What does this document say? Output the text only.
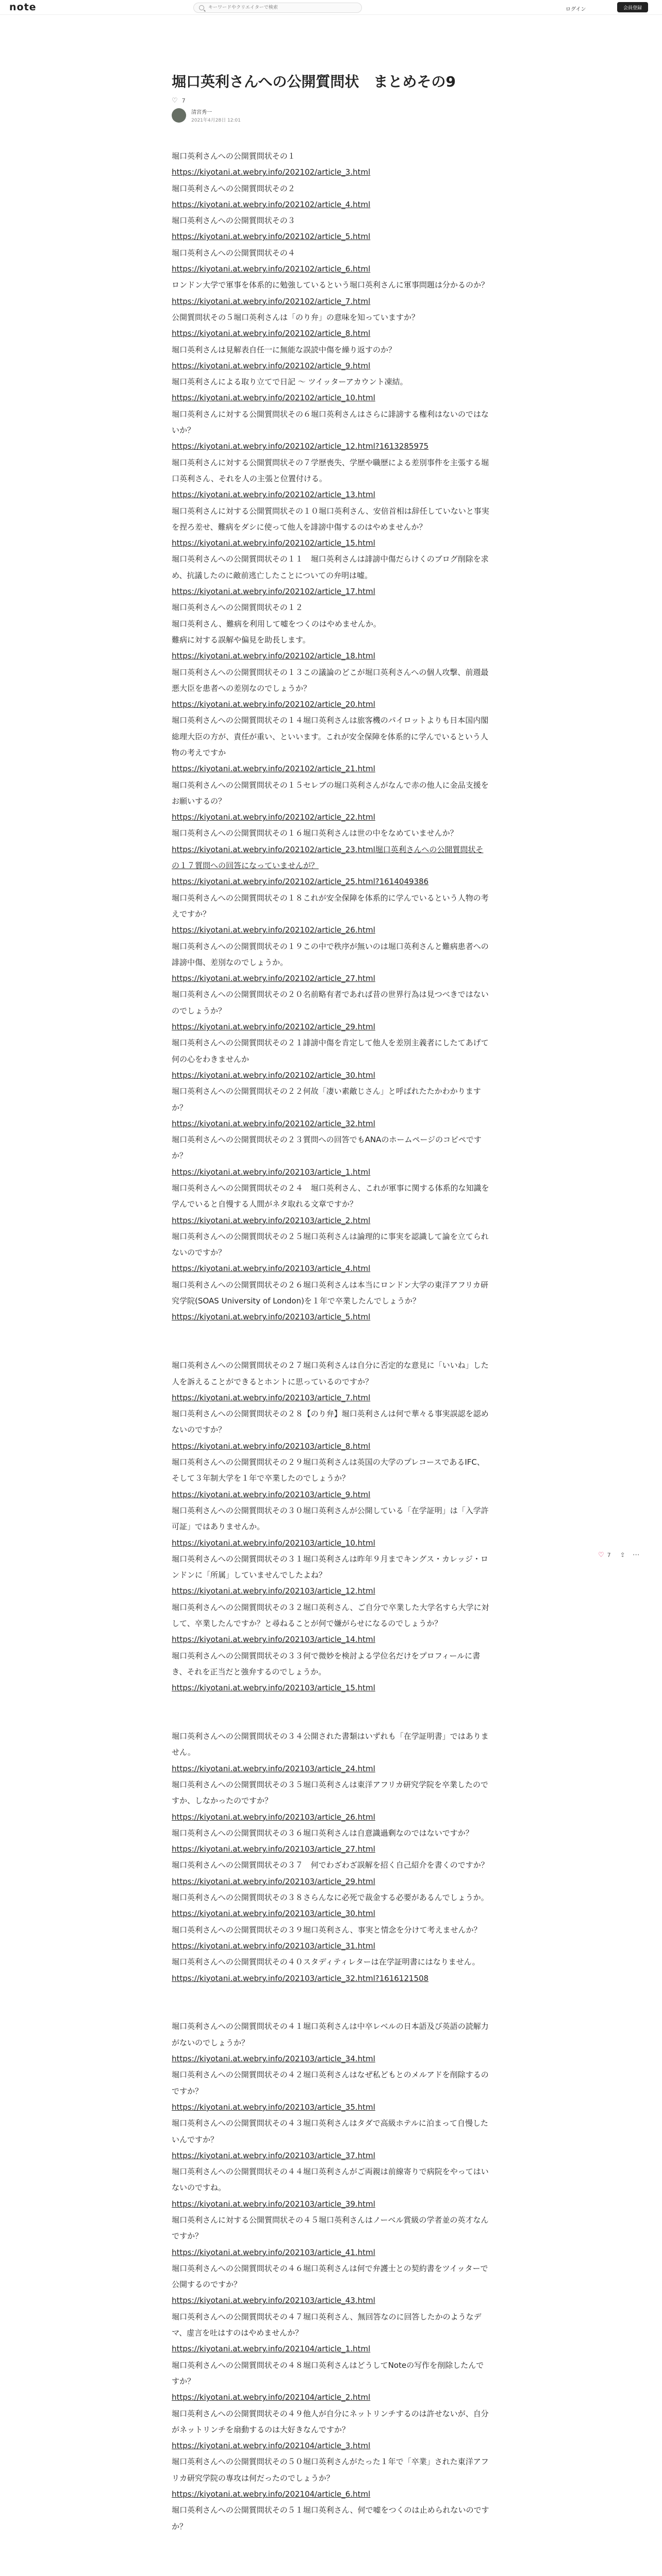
note
キーワードやクリエイターで検索	ログイン	会員登録
堀口英利さんへの公開質問状　まとめその9
♡ 7
清宮秀一
2021年4月28日 12:01
堀口英利さんへの公開質問状その１
https://kiyotani.at.webry.info/202102/article_3.html
堀口英利さんへの公開質問状その２
https://kiyotani.at.webry.info/202102/article_4.html
堀口英利さんへの公開質問状その３
https://kiyotani.at.webry.info/202102/article_5.html
堀口英利さんへの公開質問状その４
https://kiyotani.at.webry.info/202102/article_6.html
ロンドン大学で軍事を体系的に勉強しているという堀口英利さんに軍事問題は分かるのか？
https://kiyotani.at.webry.info/202102/article_7.html
公開質問状その５堀口英利さんは「のり弁」の意味を知っていますか？
https://kiyotani.at.webry.info/202102/article_8.html
堀口英利さんは見解表自任一に無能な誤読中傷を繰り返すのか？
https://kiyotani.at.webry.info/202102/article_9.html
堀口英利さんによる取り立てで日記 ～ ツイッターアカウント凍結。
https://kiyotani.at.webry.info/202102/article_10.html
堀口英利さんに対する公開質問状その６堀口英利さんはさらに誹謗する権利はないのではないか？
https://kiyotani.at.webry.info/202102/article_12.html?1613285975
堀口英利さんに対する公開質問状その７学歴喪失、学歴や職歴による差別事件を主張する堀口英利さん、それを人の主張と位置付ける。
https://kiyotani.at.webry.info/202102/article_13.html
堀口英利さんに対する公開質問状その１０堀口英利さん、安倍首相は辞任していないと事実を捏ろ差せ、難病をダシに使って他人を誹謗中傷するのはやめませんか？
https://kiyotani.at.webry.info/202102/article_15.html
堀口英利さんへの公開質問状その１１　堀口英利さんは誹謗中傷だらけくのブログ削除を求め、抗議したのに敵前逃亡したことについての弁明は嘘。
https://kiyotani.at.webry.info/202102/article_17.html
堀口英利さんへの公開質問状その１２
堀口英利さん、難病を利用して嘘をつくのはやめませんか。
難病に対する誤解や偏見を助長します。
https://kiyotani.at.webry.info/202102/article_18.html
堀口英利さんへの公開質問状その１３この議論のどこが堀口英利さんへの個人攻撃、前週最悪大臣を患者への差別なのでしょうか？
https://kiyotani.at.webry.info/202102/article_20.html
堀口英利さんへの公開質問状その１４堀口英利さんは旅客機のパイロットよりも日本国内閣総理大臣の方が、責任が重い、といいます。これが安全保障を体系的に学んでいるという人物の考えですか
https://kiyotani.at.webry.info/202102/article_21.html
堀口英利さんへの公開質問状その１５セレブの堀口英利さんがなんで赤の他人に金品支援をお願いするの？
https://kiyotani.at.webry.info/202102/article_22.html
堀口英利さんへの公開質問状その１６堀口英利さんは世の中をなめていませんか？
https://kiyotani.at.webry.info/202102/article_23.html堀口英利さんへの公開質問状その１７質問への回答になっていませんが？
https://kiyotani.at.webry.info/202102/article_25.html?1614049386
堀口英利さんへの公開質問状その１８これが安全保障を体系的に学んでいるという人物の考えですか？
https://kiyotani.at.webry.info/202102/article_26.html
堀口英利さんへの公開質問状その１９この中で秩序が無いのは堀口英利さんと難病患者への誹謗中傷、差別なのでしょうか。
https://kiyotani.at.webry.info/202102/article_27.html
堀口英利さんへの公開質問状その２０名前略有者であれば昔の世界行為は見つべきではないのでしょうか？
https://kiyotani.at.webry.info/202102/article_29.html
堀口英利さんへの公開質問状その２１誹謗中傷を肯定して他人を差別主義者にしたてあげて何の心をわきませんか
https://kiyotani.at.webry.info/202102/article_30.html
堀口英利さんへの公開質問状その２２何故「凄い素敵じさん」と呼ばれたたかわかりますか？
https://kiyotani.at.webry.info/202102/article_32.html
堀口英利さんへの公開質問状その２３質問への回答でもANAのホームページのコピペですか？
https://kiyotani.at.webry.info/202103/article_1.html
堀口英利さんへの公開質問状その２４　堀口英利さん、これが軍事に関する体系的な知識を学んでいると自慢する人間がネタ取れる文章ですか？
https://kiyotani.at.webry.info/202103/article_2.html
堀口英利さんへの公開質問状その２５堀口英利さんは論理的に事実を認識して論を立てられないのですか？
https://kiyotani.at.webry.info/202103/article_4.html
堀口英利さんへの公開質問状その２６堀口英利さんは本当にロンドン大学の東洋アフリカ研究学院(SOAS University of London)を１年で卒業したんでしょうか？
https://kiyotani.at.webry.info/202103/article_5.html
堀口英利さんへの公開質問状その２７堀口英利さんは自分に否定的な意見に「いいね」した人を訴えることができるとホントに思っているのですか？
https://kiyotani.at.webry.info/202103/article_7.html
堀口英利さんへの公開質問状その２８【のり弁】堀口英利さんは何で華々る事実誤認を認めないのですか？
https://kiyotani.at.webry.info/202103/article_8.html
堀口英利さんへの公開質問状その２９堀口英利さんは英国の大学のプレコースであるIFC、そして３年制大学を１年で卒業したのでしょうか？
https://kiyotani.at.webry.info/202103/article_9.html
堀口英利さんへの公開質問状その３０堀口英利さんが公開している「在学証明」は「入学許可証」ではありませんか。
https://kiyotani.at.webry.info/202103/article_10.html
堀口英利さんへの公開質問状その３１堀口英利さんは昨年９月までキングス・カレッジ・ロンドンに「所属」していませんでしたよね？
https://kiyotani.at.webry.info/202103/article_12.html
堀口英利さんへの公開質問状その３２堀口英利さん、ご自分で卒業した大学名すら大学に対して、卒業したんですか？と尋ねることが何で嫌がらせになるのでしょうか？
https://kiyotani.at.webry.info/202103/article_14.html
堀口英利さんへの公開質問状その３３何で微妙を検討よる学位名だけをプロフィールに書き、それを正当だと強弁するのでしょうか。
https://kiyotani.at.webry.info/202103/article_15.html
堀口英利さんへの公開質問状その３４公開された書類はいずれも「在学証明書」ではありません。
https://kiyotani.at.webry.info/202103/article_24.html
堀口英利さんへの公開質問状その３５堀口英利さんは東洋アフリカ研究学院を卒業したのですか、しなかったのですか？
https://kiyotani.at.webry.info/202103/article_26.html
堀口英利さんへの公開質問状その３６堀口英利さんは自意識過剰なのではないですか？
https://kiyotani.at.webry.info/202103/article_27.html
堀口英利さんへの公開質問状その３７　何でわざわざ誤解を招く自己紹介を書くのですか？
https://kiyotani.at.webry.info/202103/article_29.html
堀口英利さんへの公開質問状その３８さらんなに必死で裁金する必要があるんでしょうか。
https://kiyotani.at.webry.info/202103/article_30.html
堀口英利さんへの公開質問状その３９堀口英利さん、事実と情念を分けて考えませんか？
https://kiyotani.at.webry.info/202103/article_31.html
堀口英利さんへの公開質問状その４０スタディティレターは在学証明書にはなりません。
https://kiyotani.at.webry.info/202103/article_32.html?1616121508
堀口英利さんへの公開質問状その４１堀口英利さんは中卒レベルの日本語及び英語の読解力がないのでしょうか？
https://kiyotani.at.webry.info/202103/article_34.html
堀口英利さんへの公開質問状その４２堀口英利さんはなぜ私どもとのメルアドを削除するのですか？
https://kiyotani.at.webry.info/202103/article_35.html
堀口英利さんへの公開質問状その４３堀口英利さんはタダで高級ホテルに泊まって自慢したいんですか？
https://kiyotani.at.webry.info/202103/article_37.html
堀口英利さんへの公開質問状その４４堀口英利さんがご両親は前線寄りで病院をやってはいないのですね。
https://kiyotani.at.webry.info/202103/article_39.html
堀口英利さんに対する公開質問状その４５堀口英利さんはノーベル賞級の学者並の英才なんですか？
https://kiyotani.at.webry.info/202103/article_41.html
堀口英利さんへの公開質問状その４６堀口英利さんは何で弁護士との契約書をツイッターで公開するのですか？
https://kiyotani.at.webry.info/202103/article_43.html
堀口英利さんへの公開質問状その４７堀口英利さん、無回答なのに回答したかのようなデマ、虚言を吐はすのはやめませんか？
https://kiyotani.at.webry.info/202104/article_1.html
堀口英利さんへの公開質問状その４８堀口英利さんはどうしてNoteの写作を削除したんですか？
https://kiyotani.at.webry.info/202104/article_2.html
堀口英利さんへの公開質問状その４９他人が自分にネットリンチするのは許せないが、自分がネットリンチを扇動するのは大好きなんですか？
https://kiyotani.at.webry.info/202104/article_3.html
堀口英利さんへの公開質問状その５０堀口英利さんがたった１年で「卒業」された東洋アフリカ研究学院の専攻は何だったのでしょうか？
https://kiyotani.at.webry.info/202104/article_6.html
堀口英利さんへの公開質問状その５１堀口英利さん、何で嘘をつくのは止められないのですか？
♡ 7 ⇪ ⋯
